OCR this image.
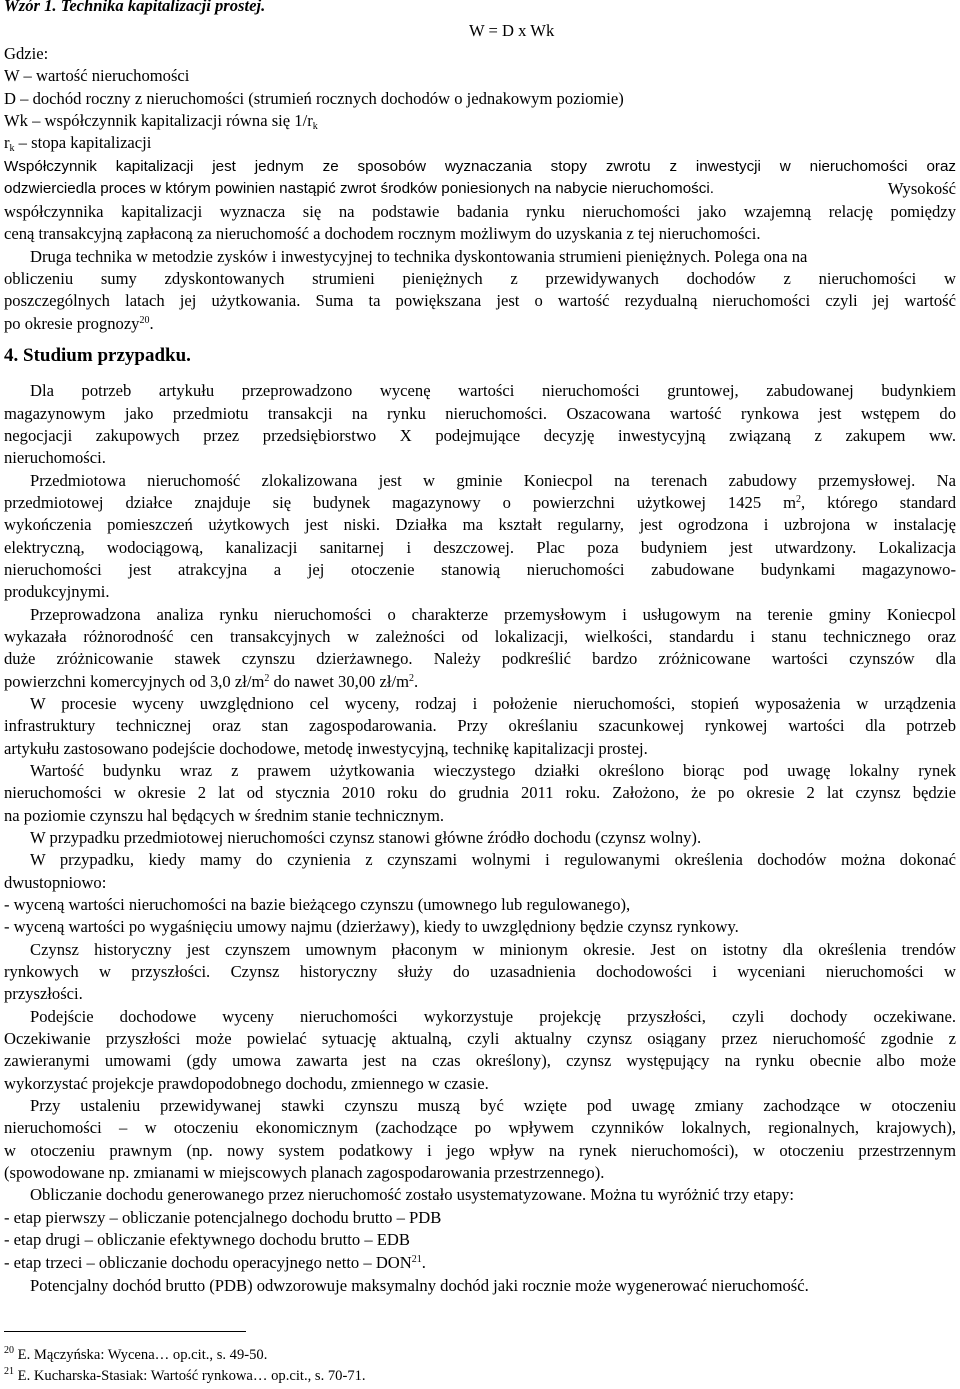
Wzór 1. Technika kapitalizacji prostej.
W = D x Wk
Gdzie:
W – wartość nieruchomości
D – dochód roczny z nieruchomości (strumień rocznych dochodów o jednakowym poziomie)
Wk – współczynnik kapitalizacji równa się $1/r_k$
$r_k$ – stopa kapitalizacji
Współczynnik kapitalizacji jest jednym ze sposobów wyznaczania stopy zwrotu z inwestycji w nieruchomości oraz
odzwierciedla proces w którym powinien nastąpić zwrot środków poniesionych na nabycie nieruchomości.	Wysokość
współczynnika kapitalizacji wyznacza się na podstawie badania rynku nieruchomości jako wzajemną relację pomiędzy
ceną transakcyjną zapłaconą za nieruchomość a dochodem rocznym możliwym do uzyskania z tej nieruchomości.
Druga technika w metodzie zysków i inwestycyjnej to technika dyskontowania strumieni pieniężnych. Polega ona na
obliczeniu sumy zdyskontowanych strumieni pieniężnych z przewidywanych dochodów z nieruchomości w
poszczególnych latach jej użytkowania. Suma ta powiększana jest o wartość rezydualną nieruchomości czyli jej wartość
po okresie prognozy$^{20}$.
4. Studium przypadku.
Dla potrzeb artykułu przeprowadzono wycenę wartości nieruchomości gruntowej, zabudowanej budynkiem
magazynowym jako przedmiotu transakcji na rynku nieruchomości. Oszacowana wartość rynkowa jest wstępem do
negocjacji zakupowych przez przedsiębiorstwo X podejmujące decyzję inwestycyjną związaną z zakupem ww.
nieruchomości.
Przedmiotowa nieruchomość zlokalizowana jest w gminie Koniecpol na terenach zabudowy przemysłowej. Na
przedmiotowej działce znajduje się budynek magazynowy o powierzchni użytkowej 1425 $m^2$, którego standard
wykończenia pomieszczeń użytkowych jest niski. Działka ma kształt regularny, jest ogrodzona i uzbrojona w instalację
elektryczną, wodociągową, kanalizacji sanitarnej i deszczowej. Plac poza budyniem jest utwardzony. Lokalizacja
nieruchomości jest atrakcyjna a jej otoczenie stanowią nieruchomości zabudowane budynkami magazynowo-
produkcyjnymi.
Przeprowadzona analiza rynku nieruchomości o charakterze przemysłowym i usługowym na terenie gminy Koniecpol
wykazała różnorodność cen transakcyjnych w zależności od lokalizacji, wielkości, standardu i stanu technicznego oraz
duże zróżnicowanie stawek czynszu dzierżawnego. Należy podkreślić bardzo zróżnicowane wartości czynszów dla
powierzchni komercyjnych od 3,0 $zł/m^2$ do nawet 30,00 $zł/m^2$.
W procesie wyceny uwzględniono cel wyceny, rodzaj i położenie nieruchomości, stopień wyposażenia w urządzenia
infrastruktury technicznej oraz stan zagospodarowania. Przy określaniu szacunkowej rynkowej wartości dla potrzeb
artykułu zastosowano podejście dochodowe, metodę inwestycyjną, technikę kapitalizacji prostej.
Wartość budynku wraz z prawem użytkowania wieczystego działki określono biorąc pod uwagę lokalny rynek
nieruchomości w okresie 2 lat od stycznia 2010 roku do grudnia 2011 roku. Założono, że po okresie 2 lat czynsz będzie
na poziomie czynszu hal będących w średnim stanie technicznym.
W przypadku przedmiotowej nieruchomości czynsz stanowi główne źródło dochodu (czynsz wolny).
W przypadku, kiedy mamy do czynienia z czynszami wolnymi i regulowanymi określenia dochodów można dokonać
dwustopniowo:
- wyceną wartości nieruchomości na bazie bieżącego czynszu (umownego lub regulowanego),
- wyceną wartości po wygaśnięciu umowy najmu (dzierżawy), kiedy to uwzględniony będzie czynsz rynkowy.
Czynsz historyczny jest czynszem umownym płaconym w minionym okresie. Jest on istotny dla określenia trendów
rynkowych w przyszłości. Czynsz historyczny służy do uzasadnienia dochodowości i wyceniani nieruchomości w
przyszłości.
Podejście dochodowe wyceny nieruchomości wykorzystuje projekcję przyszłości, czyli dochody oczekiwane.
Oczekiwanie przyszłości może powielać sytuację aktualną, czyli aktualny czynsz osiągany przez nieruchomość zgodnie z
zawieranymi umowami (gdy umowa zawarta jest na czas określony), czynsz występujący na rynku obecnie albo może
wykorzystać projekcje prawdopodobnego dochodu, zmiennego w czasie.
Przy ustaleniu przewidywanej stawki czynszu muszą być wzięte pod uwagę zmiany zachodzące w otoczeniu
nieruchomości – w otoczeniu ekonomicznym (zachodzące po wpływem czynników lokalnych, regionalnych, krajowych),
w otoczeniu prawnym (np. nowy system podatkowy i jego wpływ na rynek nieruchomości), w otoczeniu przestrzennym
(spowodowane np. zmianami w miejscowych planach zagospodarowania przestrzennego).
Obliczanie dochodu generowanego przez nieruchomość zostało usystematyzowane. Można tu wyróżnić trzy etapy:
- etap pierwszy – obliczanie potencjalnego dochodu brutto – PDB
- etap drugi – obliczanie efektywnego dochodu brutto – EDB
- etap trzeci – obliczanie dochodu operacyjnego netto – DON$^{21}$.
Potencjalny dochód brutto (PDB) odwzorowuje maksymalny dochód jaki rocznie może wygenerować nieruchomość.
$^{20}$ E. Mączyńska: Wycena… op.cit., s. 49-50.
$^{21}$ E. Kucharska-Stasiak: Wartość rynkowa… op.cit., s. 70-71.
